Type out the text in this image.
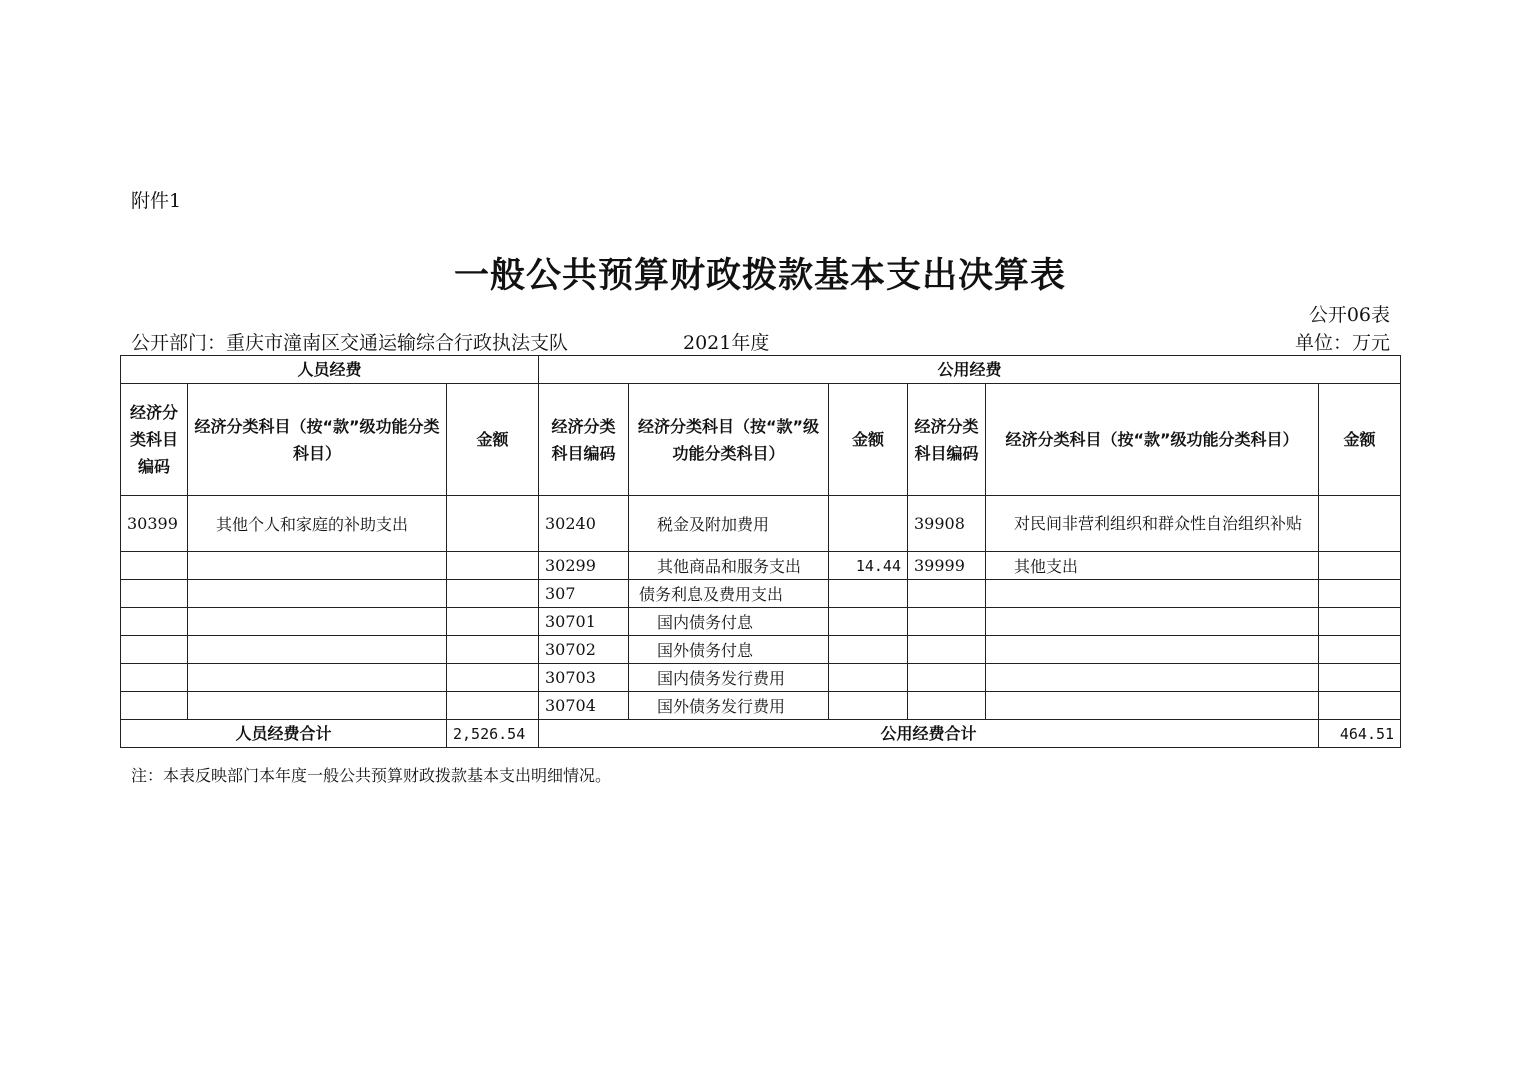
附件1
一般公共预算财政拨款基本支出决算表
公开06表
公开部门：重庆市潼南区交通运输综合行政执法支队	2021年度	单位：万元
人员经费			公用经费					
经济分类科目编码	经济分类科目（按“款”级功能分类科目）	金额	经济分类科目编码	经济分类科目（按“款”级功能分类科目）	金额	经济分类科目编码	经济分类科目（按“款”级功能分类科目）	金额
30399	其他个人和家庭的补助支出		30240	税金及附加费用		39908	对民间非营利组织和群众性自治组织补贴	
			30299	其他商品和服务支出	14.44	39999	其他支出	
			307	债务利息及费用支出				
			30701	国内债务付息				
			30702	国外债务付息				
			30703	国内债务发行费用				
			30704	国外债务发行费用				
人员经费合计		2,526.54	公用经费合计					464.51
注：本表反映部门本年度一般公共预算财政拨款基本支出明细情况。
